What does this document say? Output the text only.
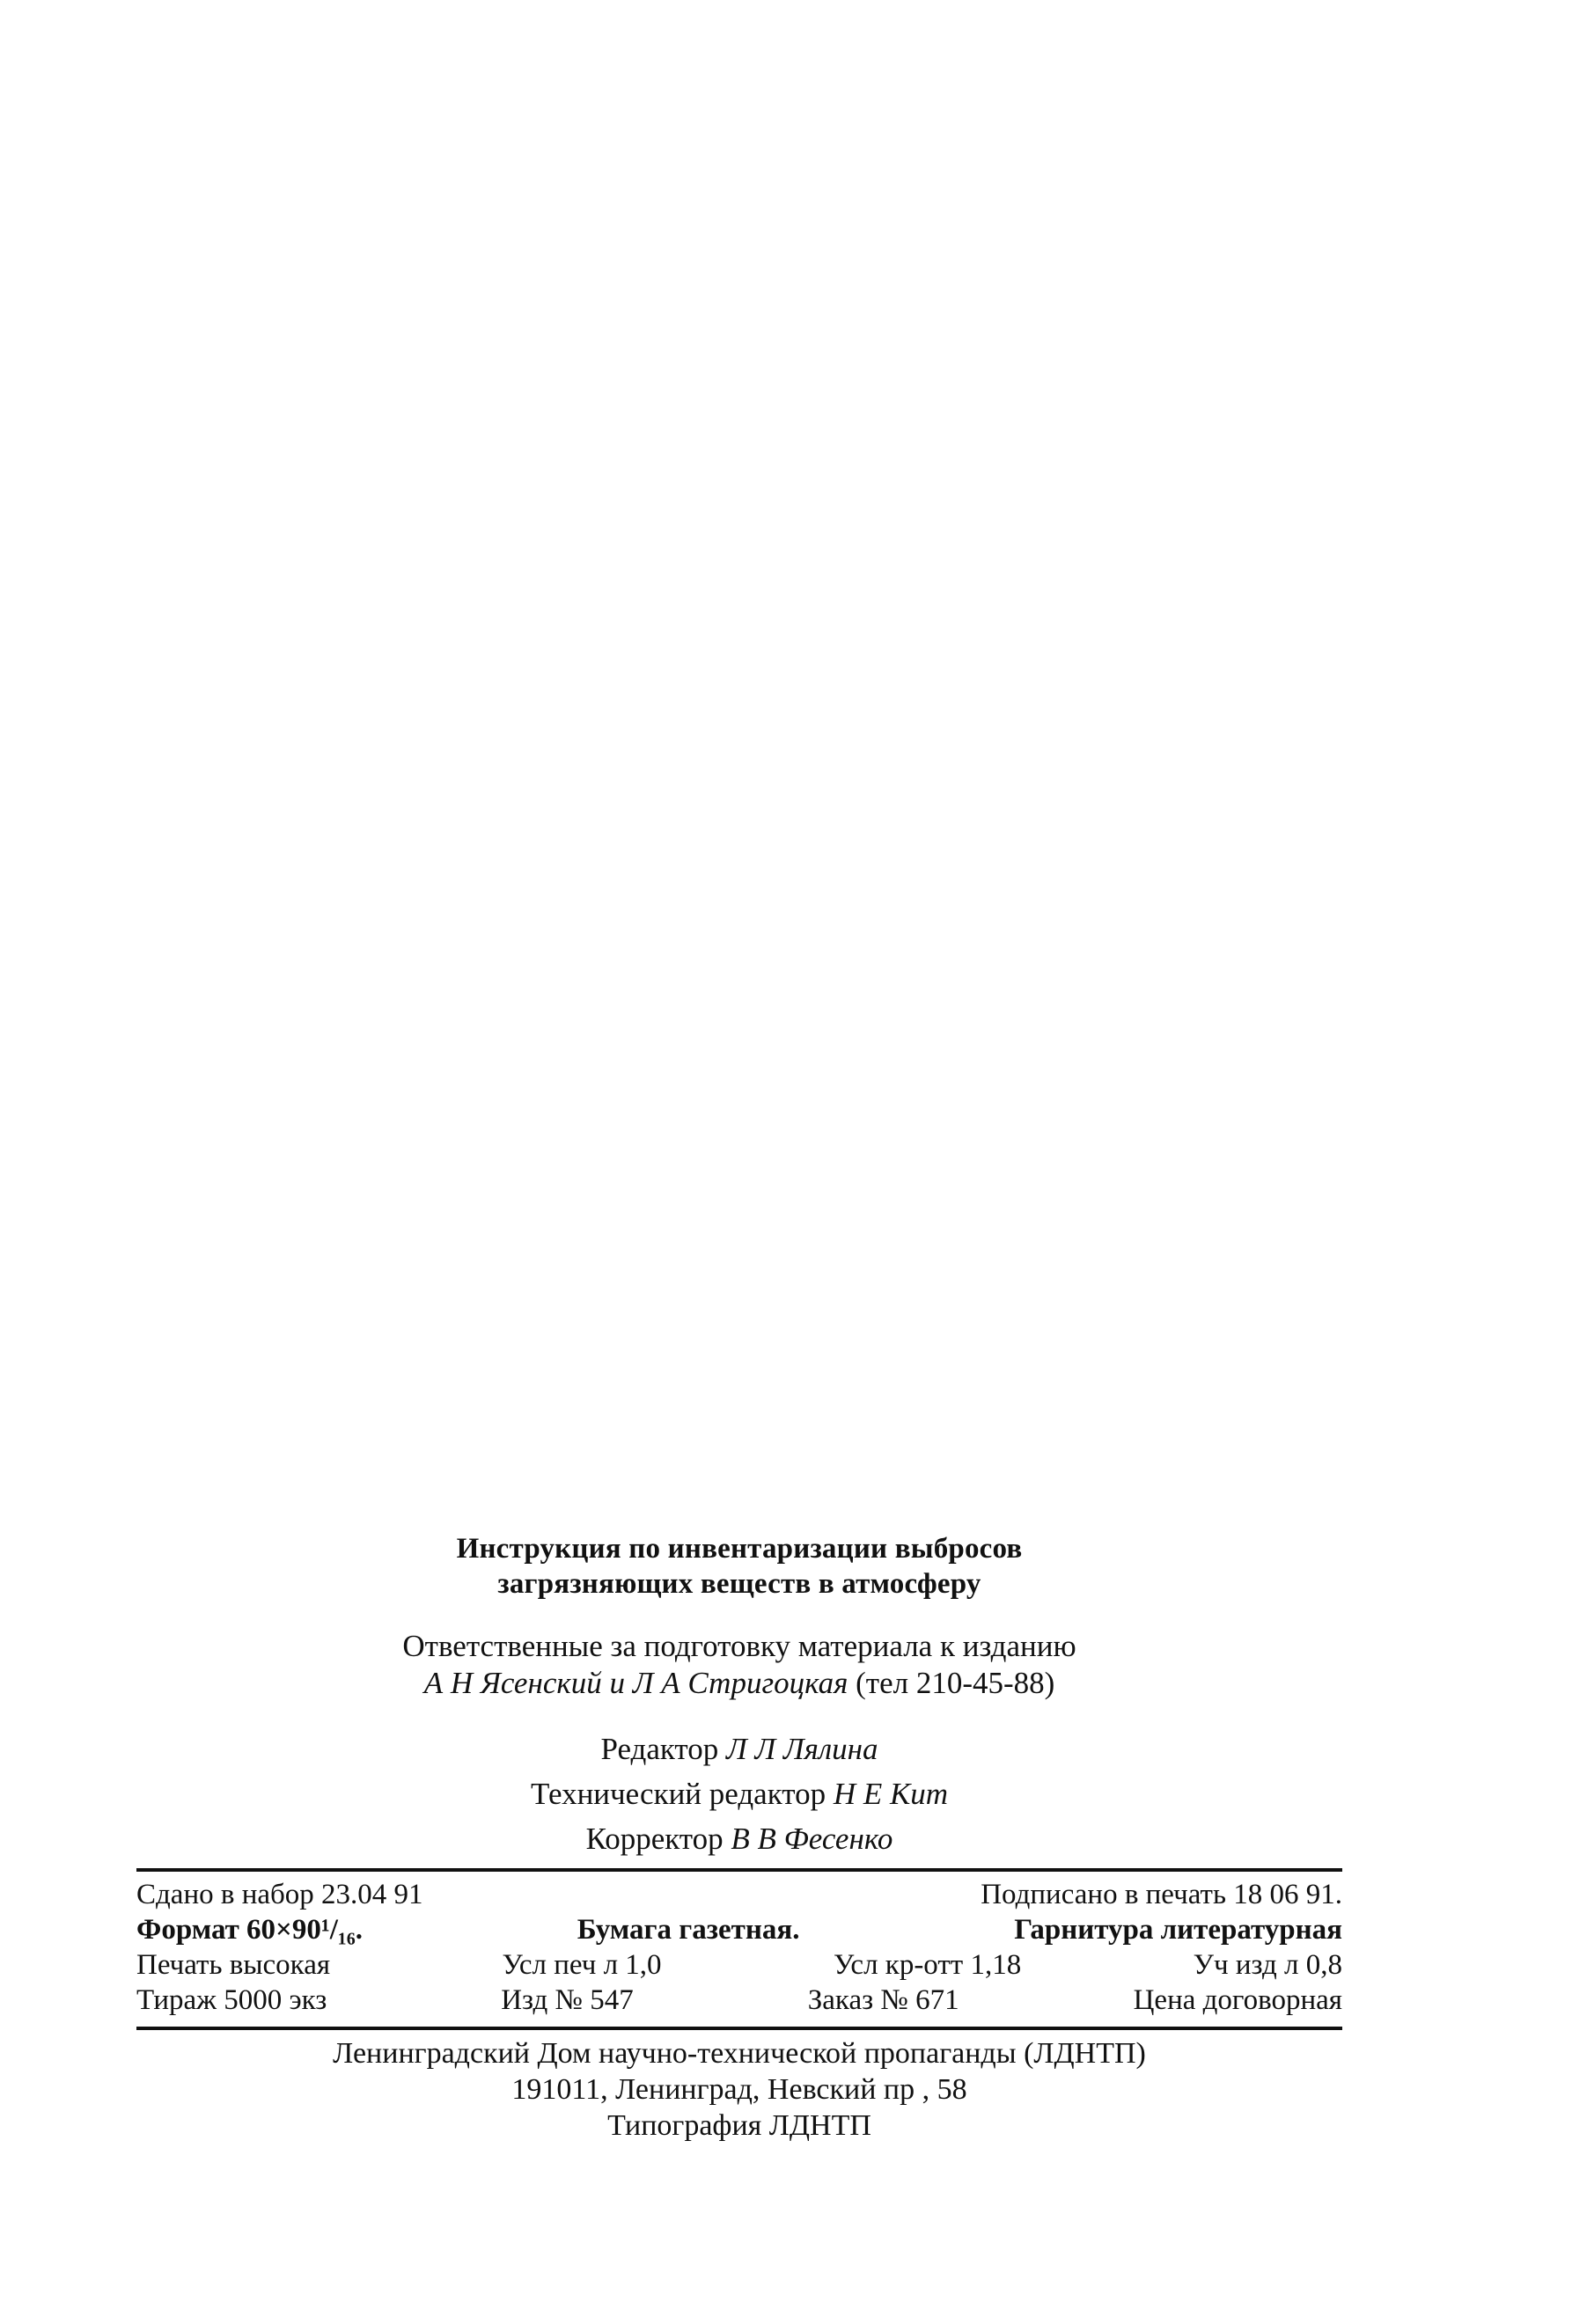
Инструкция по инвентаризации выбросов
загрязняющих веществ в атмосферу
Ответственные за подготовку материала к изданию
А Н Ясенский и Л А Стригоцкая (тел 210-45-88)
Редактор Л Л Лялина
Технический редактор Н Е Кит
Корректор В В Фесенко
Сдано в набор 23.04 91	Подписано в печать 18 06 91.
Формат 60×90¹/₁₆.	Бумага газетная.	Гарнитура литературная
Печать высокая	Усл печ л 1,0	Усл кр-отт 1,18	Уч изд л 0,8
Тираж 5000 экз	Изд № 547	Заказ № 671	Цена договорная
Ленинградский Дом научно-технической пропаганды (ЛДНТП)
191011, Ленинград, Невский пр , 58
Типография ЛДНТП
